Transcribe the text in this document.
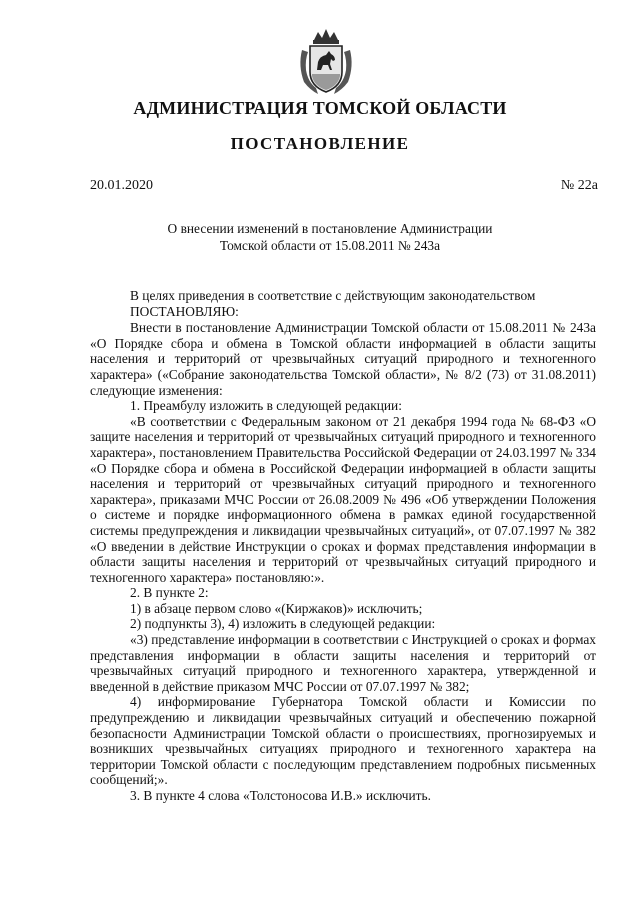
АДМИНИСТРАЦИЯ ТОМСКОЙ ОБЛАСТИ
ПОСТАНОВЛЕНИЕ
20.01.2020	№ 22а
О внесении изменений в постановление Администрации
Томской области от 15.08.2011 № 243а

В целях приведения в соответствие с действующим законодательством

ПОСТАНОВЛЯЮ:

Внести в постановление Администрации Томской области от 15.08.2011 № 243а «О Порядке сбора и обмена в Томской области информацией в области защиты населения и территорий от чрезвычайных ситуаций природного и техногенного характера» («Собрание законодательства Томской области», № 8/2 (73) от 31.08.2011) следующие изменения:

1. Преамбулу изложить в следующей редакции:

«В соответствии с Федеральным законом от 21 декабря 1994 года № 68-ФЗ «О защите населения и территорий от чрезвычайных ситуаций природного и техногенного характера», постановлением Правительства Российской Федерации от 24.03.1997 № 334 «О Порядке сбора и обмена в Российской Федерации информацией в области защиты населения и территорий от чрезвычайных ситуаций природного и техногенного характера», приказами МЧС России от 26.08.2009 № 496 «Об утверждении Положения о системе и порядке информационного обмена в рамках единой государственной системы предупреждения и ликвидации чрезвычайных ситуаций», от 07.07.1997 № 382 «О введении в действие Инструкции о сроках и формах представления информации в области защиты населения и территорий от чрезвычайных ситуаций природного и техногенного характера» постановляю:».

2. В пункте 2:

1) в абзаце первом слово «(Киржаков)» исключить;

2) подпункты 3), 4) изложить в следующей редакции:

«3) представление информации в соответствии с Инструкцией о сроках и формах представления информации в области защиты населения и территорий от чрезвычайных ситуаций природного и техногенного характера, утвержденной и введенной в действие приказом МЧС России от 07.07.1997 № 382;

4) информирование Губернатора Томской области и Комиссии по предупреждению и ликвидации чрезвычайных ситуаций и обеспечению пожарной безопасности Администрации Томской области о происшествиях, прогнозируемых и возникших чрезвычайных ситуациях природного и техногенного характера на территории Томской области с последующим представлением подробных письменных сообщений;».

3. В пункте 4 слова «Толстоносова И.В.» исключить.
